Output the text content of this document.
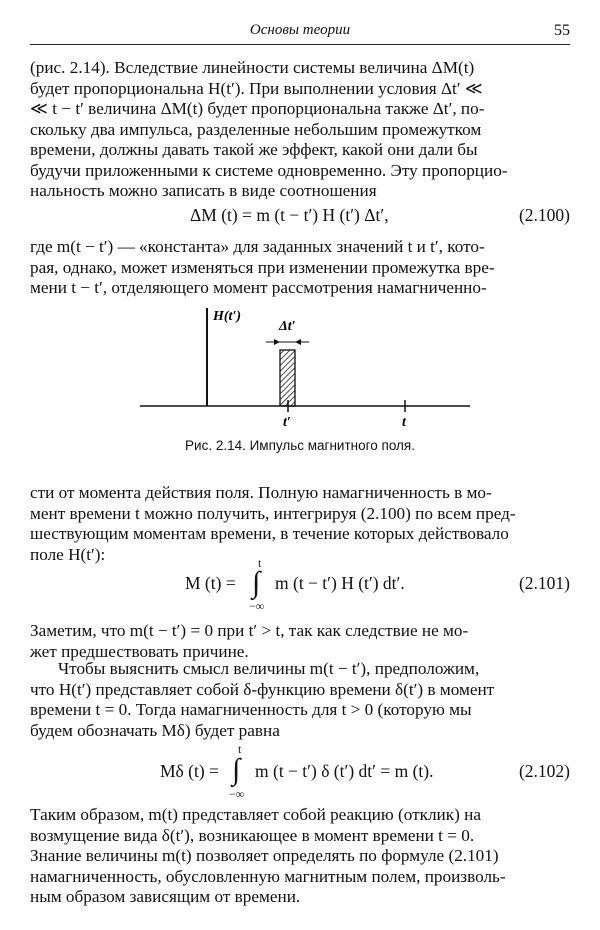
Основы теории	55
(рис. 2.14). Вследствие линейности системы величина ΔM(t)
будет пропорциональна H(t′). При выполнении условия Δt′ ≪
≪ t − t′ величина ΔM(t) будет пропорциональна также Δt′, по-
скольку два импульса, разделенные небольшим промежутком
времени, должны давать такой же эффект, какой они дали бы
будучи приложенными к системе одновременно. Эту пропорцио-
нальность можно записать в виде соотношения
ΔM (t) = m (t − t′) H (t′) Δt′,	(2.100)
где m(t − t′) — «константа» для заданных значений t и t′, кото-
рая, однако, может изменяться при изменении промежутка вре-
мени t − t′, отделяющего момент рассмотрения намагниченно-
H(t′)
Δt′
t′	t
Рис. 2.14. Импульс магнитного поля.
сти от момента действия поля. Полную намагниченность в мо-
мент времени t можно получить, интегрируя (2.100) по всем пред-
шествующим моментам времени, в течение которых действовало
поле H(t′):
M (t) =
t
∫
−∞
m (t − t′) H (t′) dt′.	(2.101)
Заметим, что m(t − t′) = 0 при t′ > t, так как следствие не мо-
жет предшествовать причине.
Чтобы выяснить смысл величины m(t − t′), предположим,
что H(t′) представляет собой δ-функцию времени δ(t′) в момент
времени t = 0. Тогда намагниченность для t > 0 (которую мы
будем обозначать Mδ) будет равна
Mδ (t) =
t
∫
−∞
m (t − t′) δ (t′) dt′ = m (t).	(2.102)
Таким образом, m(t) представляет собой реакцию (отклик) на
возмущение вида δ(t′), возникающее в момент времени t = 0.
Знание величины m(t) позволяет определять по формуле (2.101)
намагниченность, обусловленную магнитным полем, произволь-
ным образом зависящим от времени.
